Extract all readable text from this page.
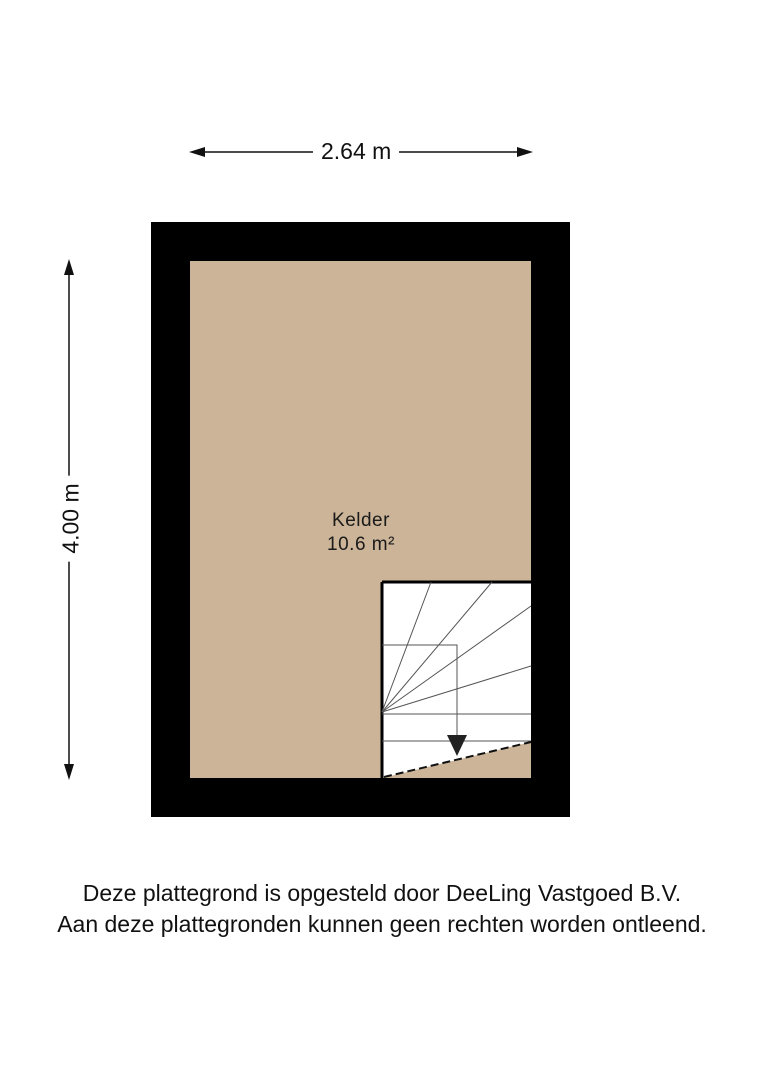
2.64 m
4.00 m	Kelder
10.6 m²
Deze plattegrond is opgesteld door DeeLing Vastgoed B.V.
Aan deze plattegronden kunnen geen rechten worden ontleend.
